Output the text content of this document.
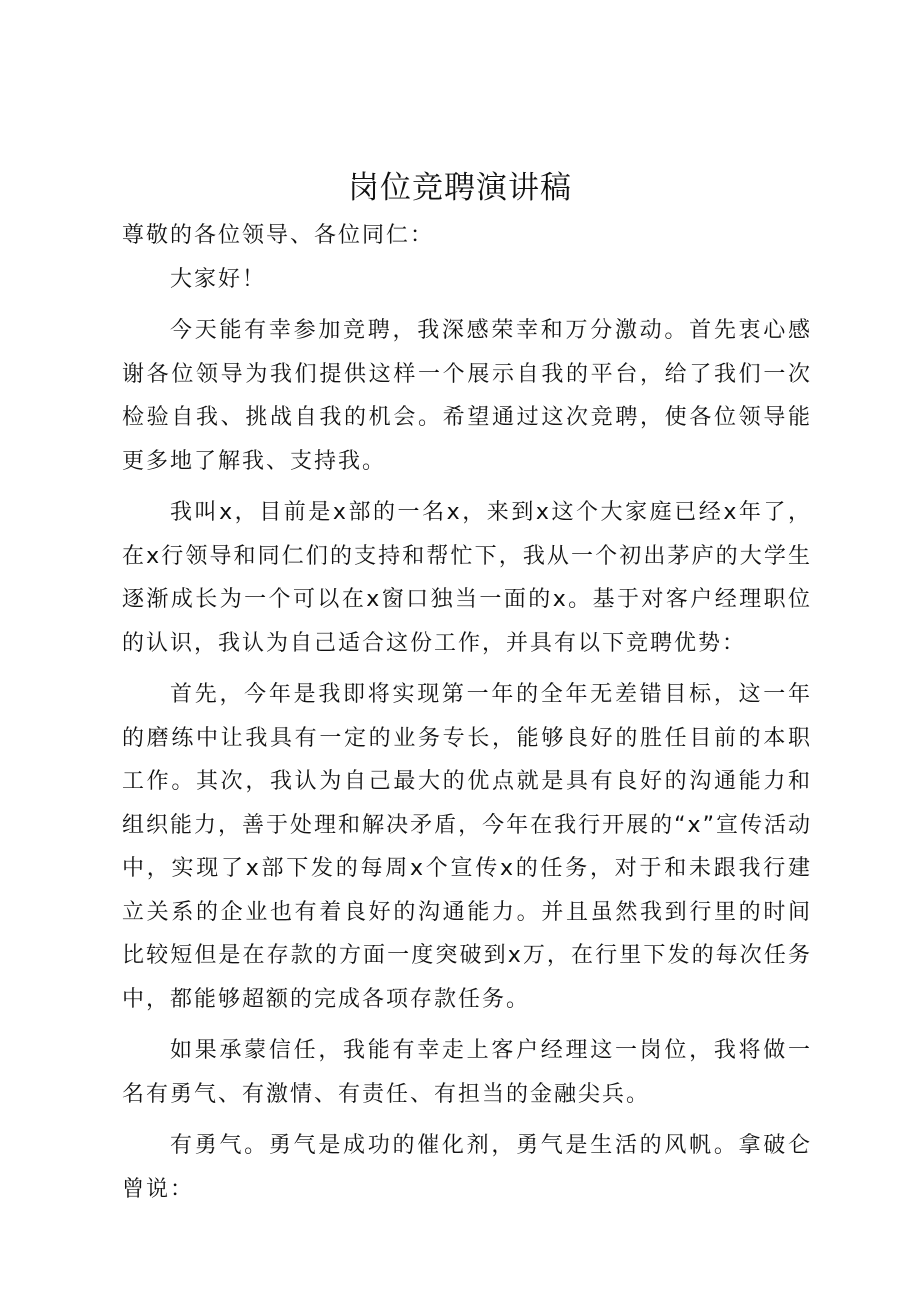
岗位竞聘演讲稿

尊敬的各位领导、各位同仁：

大家好！

今天能有幸参加竞聘，我深感荣幸和万分激动。首先衷心感谢各位领导为我们提供这样一个展示自我的平台，给了我们一次检验自我、挑战自我的机会。希望通过这次竞聘，使各位领导能更多地了解我、支持我。

我叫x，目前是x部的一名x，来到x这个大家庭已经x年了，在x行领导和同仁们的支持和帮忙下，我从一个初出茅庐的大学生逐渐成长为一个可以在x窗口独当一面的x。基于对客户经理职位的认识，我认为自己适合这份工作，并具有以下竞聘优势：

首先，今年是我即将实现第一年的全年无差错目标，这一年的磨练中让我具有一定的业务专长，能够良好的胜任目前的本职工作。其次，我认为自己最大的优点就是具有良好的沟通能力和组织能力，善于处理和解决矛盾，今年在我行开展的“x”宣传活动中，实现了x部下发的每周x个宣传x的任务，对于和未跟我行建立关系的企业也有着良好的沟通能力。并且虽然我到行里的时间比较短但是在存款的方面一度突破到x万，在行里下发的每次任务中，都能够超额的完成各项存款任务。

如果承蒙信任，我能有幸走上客户经理这一岗位，我将做一名有勇气、有激情、有责任、有担当的金融尖兵。

有勇气。勇气是成功的催化剂，勇气是生活的风帆。拿破仑曾说：
